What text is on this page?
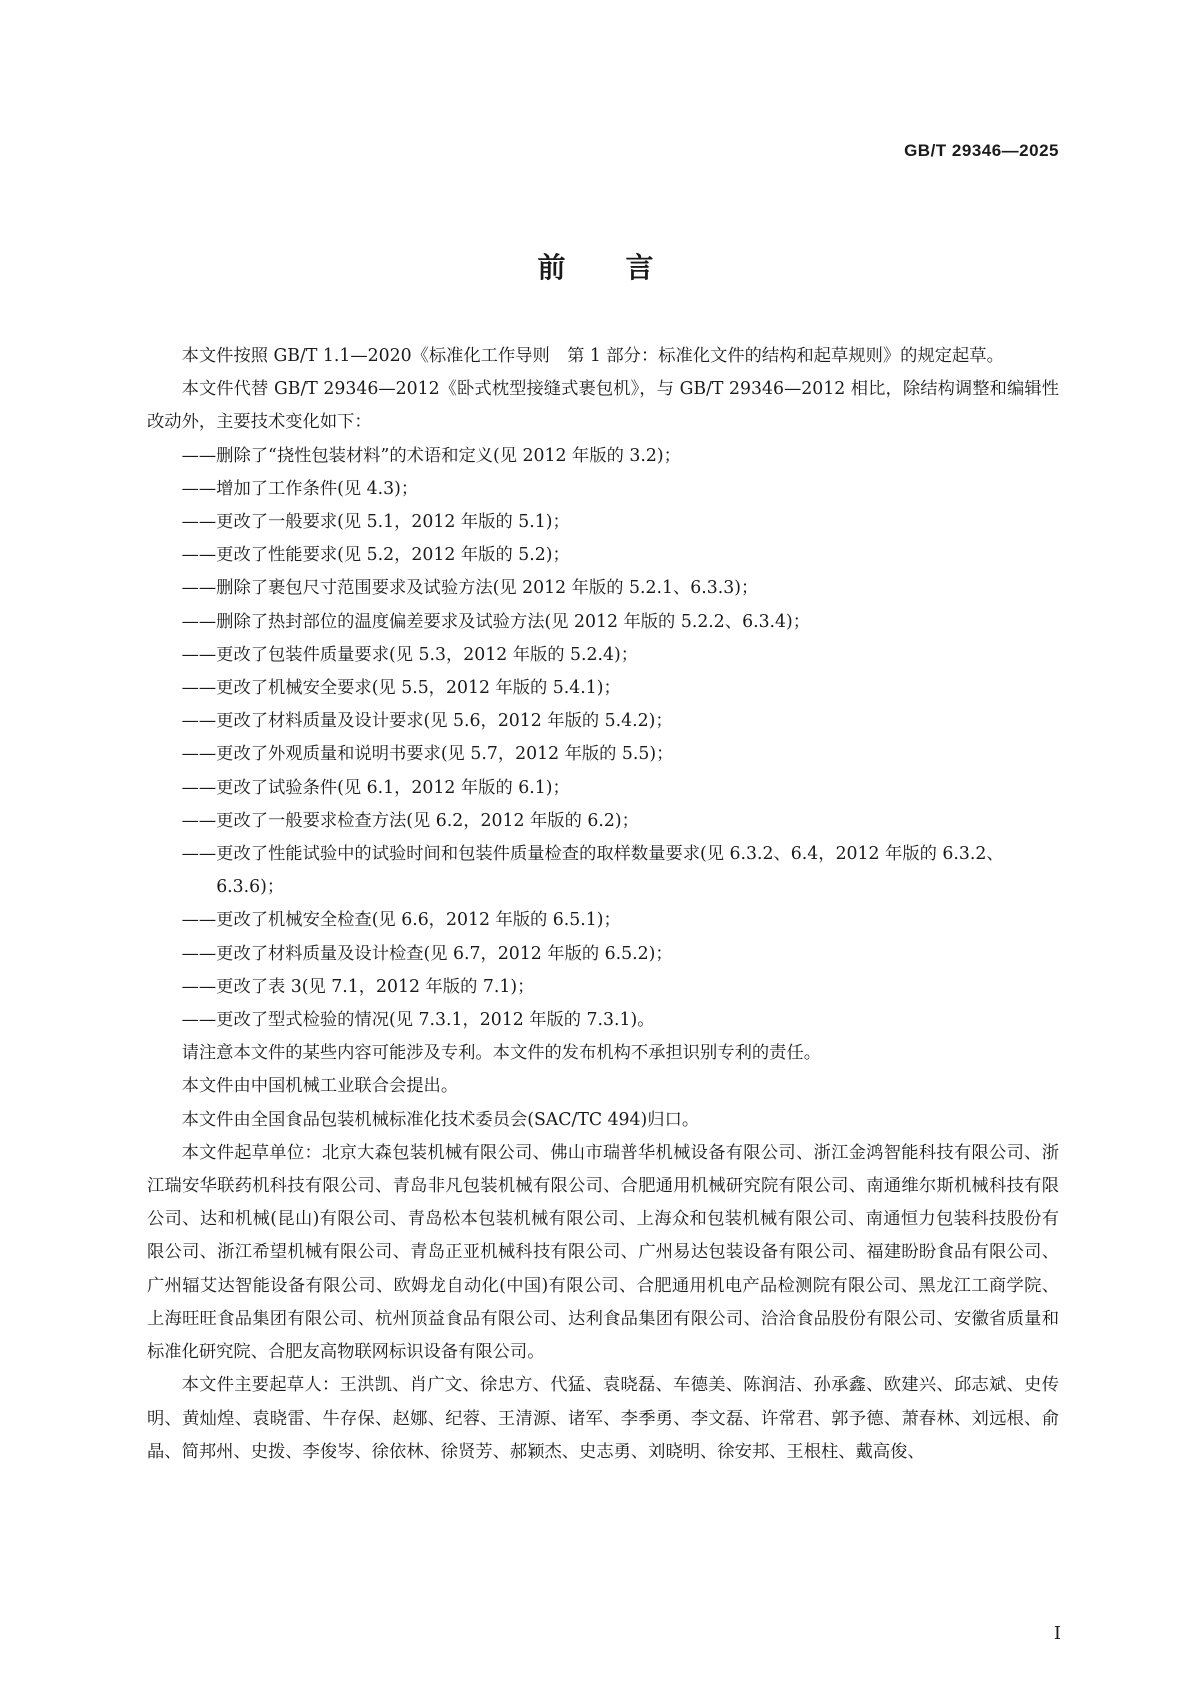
GB/T 29346—2025
前言

本文件按照 GB/T 1.1—2020《标准化工作导则　第 1 部分：标准化文件的结构和起草规则》的规定起草。

本文件代替 GB/T 29346—2012《卧式枕型接缝式裹包机》，与 GB/T 29346—2012 相比，除结构调整和编辑性改动外，主要技术变化如下：

——删除了“挠性包装材料”的术语和定义(见 2012 年版的 3.2)；

——增加了工作条件(见 4.3)；

——更改了一般要求(见 5.1，2012 年版的 5.1)；

——更改了性能要求(见 5.2，2012 年版的 5.2)；

——删除了裹包尺寸范围要求及试验方法(见 2012 年版的 5.2.1、6.3.3)；

——删除了热封部位的温度偏差要求及试验方法(见 2012 年版的 5.2.2、6.3.4)；

——更改了包装件质量要求(见 5.3，2012 年版的 5.2.4)；

——更改了机械安全要求(见 5.5，2012 年版的 5.4.1)；

——更改了材料质量及设计要求(见 5.6，2012 年版的 5.4.2)；

——更改了外观质量和说明书要求(见 5.7，2012 年版的 5.5)；

——更改了试验条件(见 6.1，2012 年版的 6.1)；

——更改了一般要求检查方法(见 6.2，2012 年版的 6.2)；

——更改了性能试验中的试验时间和包装件质量检查的取样数量要求(见 6.3.2、6.4，2012 年版的 6.3.2、6.3.6)；

——更改了机械安全检查(见 6.6，2012 年版的 6.5.1)；

——更改了材料质量及设计检查(见 6.7，2012 年版的 6.5.2)；

——更改了表 3(见 7.1，2012 年版的 7.1)；

——更改了型式检验的情况(见 7.3.1，2012 年版的 7.3.1)。

请注意本文件的某些内容可能涉及专利。本文件的发布机构不承担识别专利的责任。

本文件由中国机械工业联合会提出。

本文件由全国食品包装机械标准化技术委员会(SAC/TC 494)归口。

本文件起草单位：北京大森包装机械有限公司、佛山市瑞普华机械设备有限公司、浙江金鸿智能科技有限公司、浙江瑞安华联药机科技有限公司、青岛非凡包装机械有限公司、合肥通用机械研究院有限公司、南通维尔斯机械科技有限公司、达和机械(昆山)有限公司、青岛松本包装机械有限公司、上海众和包装机械有限公司、南通恒力包装科技股份有限公司、浙江希望机械有限公司、青岛正亚机械科技有限公司、广州易达包装设备有限公司、福建盼盼食品有限公司、广州辐艾达智能设备有限公司、欧姆龙自动化(中国)有限公司、合肥通用机电产品检测院有限公司、黑龙江工商学院、上海旺旺食品集团有限公司、杭州顶益食品有限公司、达利食品集团有限公司、洽洽食品股份有限公司、安徽省质量和标准化研究院、合肥友高物联网标识设备有限公司。

本文件主要起草人：王洪凯、肖广文、徐忠方、代猛、袁晓磊、车德美、陈润洁、孙承鑫、欧建兴、邱志斌、史传明、黄灿煌、袁晓雷、牛存保、赵娜、纪蓉、王清源、诸军、李季勇、李文磊、许常君、郭予德、萧春林、刘远根、俞晶、简邦州、史拨、李俊岑、徐依林、徐贤芳、郝颖杰、史志勇、刘晓明、徐安邦、王根柱、戴高俊、

I
